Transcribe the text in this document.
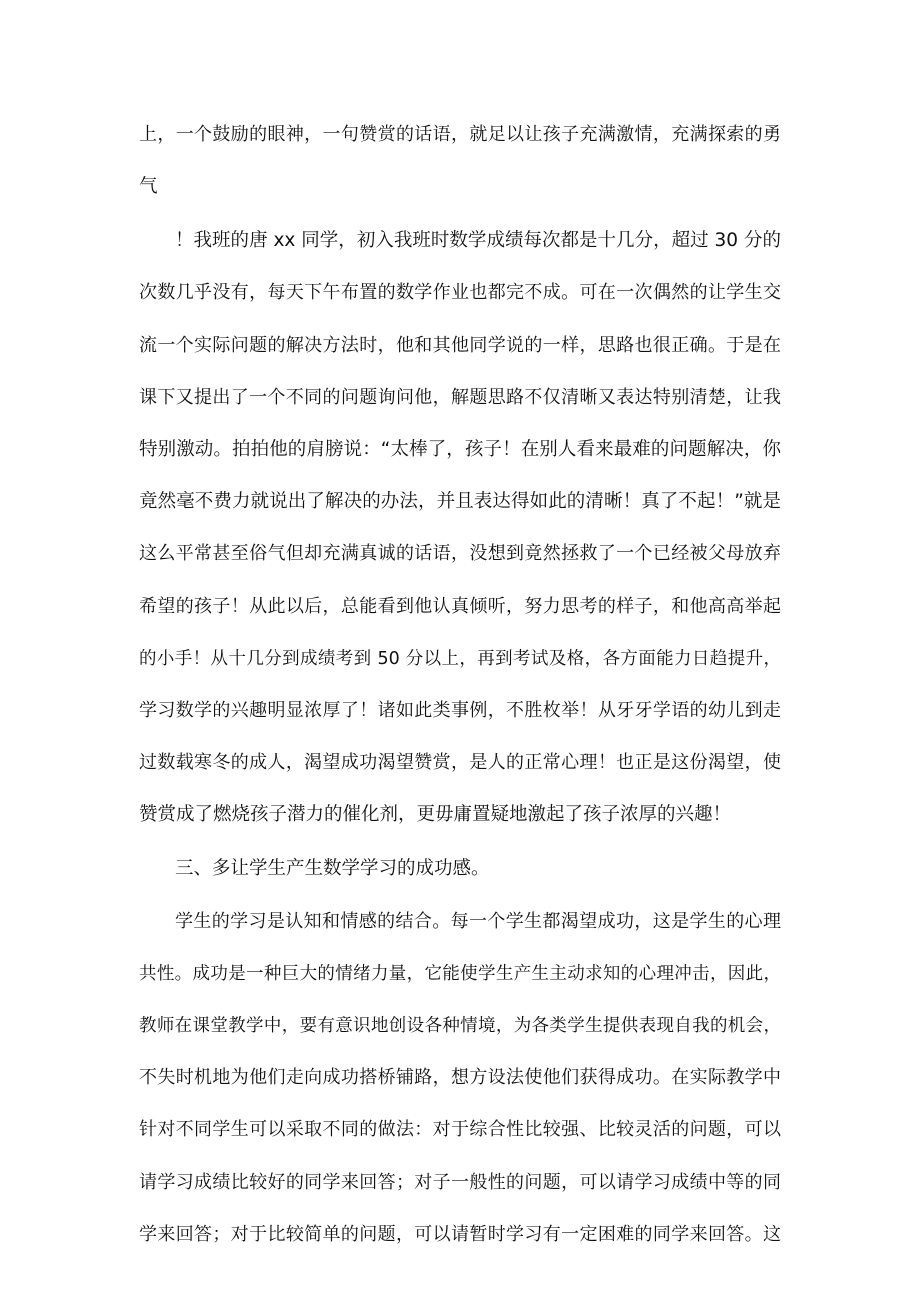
上，一个鼓励的眼神，一句赞赏的话语，就足以让孩子充满激情，充满探索的勇
气
！我班的唐 xx 同学，初入我班时数学成绩每次都是十几分，超过 30 分的
次数几乎没有，每天下午布置的数学作业也都完不成。可在一次偶然的让学生交
流一个实际问题的解决方法时，他和其他同学说的一样，思路也很正确。于是在
课下又提出了一个不同的问题询问他，解题思路不仅清晰又表达特别清楚，让我
特别激动。拍拍他的肩膀说：“太棒了，孩子！在别人看来最难的问题解决，你
竟然毫不费力就说出了解决的办法，并且表达得如此的清晰！真了不起！”就是
这么平常甚至俗气但却充满真诚的话语，没想到竟然拯救了一个已经被父母放弃
希望的孩子！从此以后，总能看到他认真倾听，努力思考的样子，和他高高举起
的小手！从十几分到成绩考到 50 分以上，再到考试及格，各方面能力日趋提升，
学习数学的兴趣明显浓厚了！诸如此类事例，不胜枚举！从牙牙学语的幼儿到走
过数载寒冬的成人，渴望成功渴望赞赏，是人的正常心理！也正是这份渴望，使
赞赏成了燃烧孩子潜力的催化剂，更毋庸置疑地激起了孩子浓厚的兴趣！
三、多让学生产生数学学习的成功感。
学生的学习是认知和情感的结合。每一个学生都渴望成功，这是学生的心理
共性。成功是一种巨大的情绪力量，它能使学生产生主动求知的心理冲击，因此，
教师在课堂教学中，要有意识地创设各种情境，为各类学生提供表现自我的机会，
不失时机地为他们走向成功搭桥铺路，想方设法使他们获得成功。在实际教学中
针对不同学生可以采取不同的做法：对于综合性比较强、比较灵活的问题，可以
请学习成绩比较好的同学来回答；对子一般性的问题，可以请学习成绩中等的同
学来回答；对于比较简单的问题，可以请暂时学习有一定困难的同学来回答。这
